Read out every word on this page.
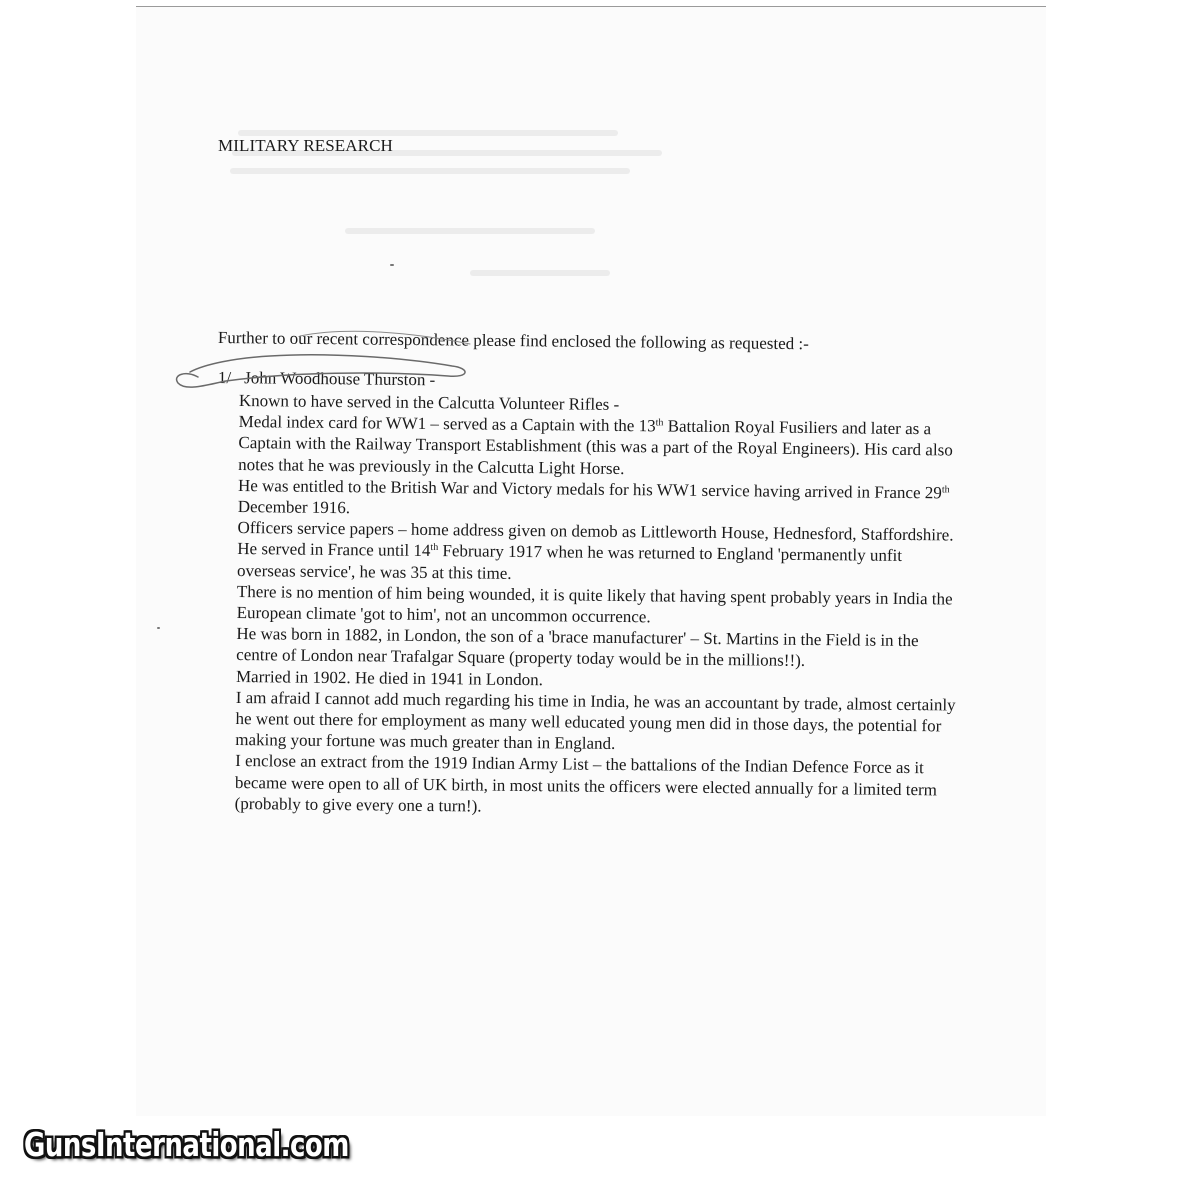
MILITARY RESEARCH

Further to our recent correspondence please find enclosed the following as requested :-

1/ John Woodhouse Thurston -

Known to have served in the Calcutta Volunteer Rifles -

Medal index card for WW1 – served as a Captain with the 13th Battalion Royal Fusiliers and later as a Captain with the Railway Transport Establishment (this was a part of the Royal Engineers). His card also notes that he was previously in the Calcutta Light Horse.

He was entitled to the British War and Victory medals for his WW1 service having arrived in France 29th December 1916.

Officers service papers – home address given on demob as Littleworth House, Hednesford, Staffordshire.

He served in France until 14th February 1917 when he was returned to England 'permanently unfit overseas service', he was 35 at this time.

There is no mention of him being wounded, it is quite likely that having spent probably years in India the European climate 'got to him', not an uncommon occurrence.

He was born in 1882, in London, the son of a 'brace manufacturer' – St. Martins in the Field is in the centre of London near Trafalgar Square (property today would be in the millions!!).

Married in 1902. He died in 1941 in London.

I am afraid I cannot add much regarding his time in India, he was an accountant by trade, almost certainly he went out there for employment as many well educated young men did in those days, the potential for making your fortune was much greater than in England.

I enclose an extract from the 1919 Indian Army List – the battalions of the Indian Defence Force as it became were open to all of UK birth, in most units the officers were elected annually for a limited term (probably to give every one a turn!).

GunsInternational.com
